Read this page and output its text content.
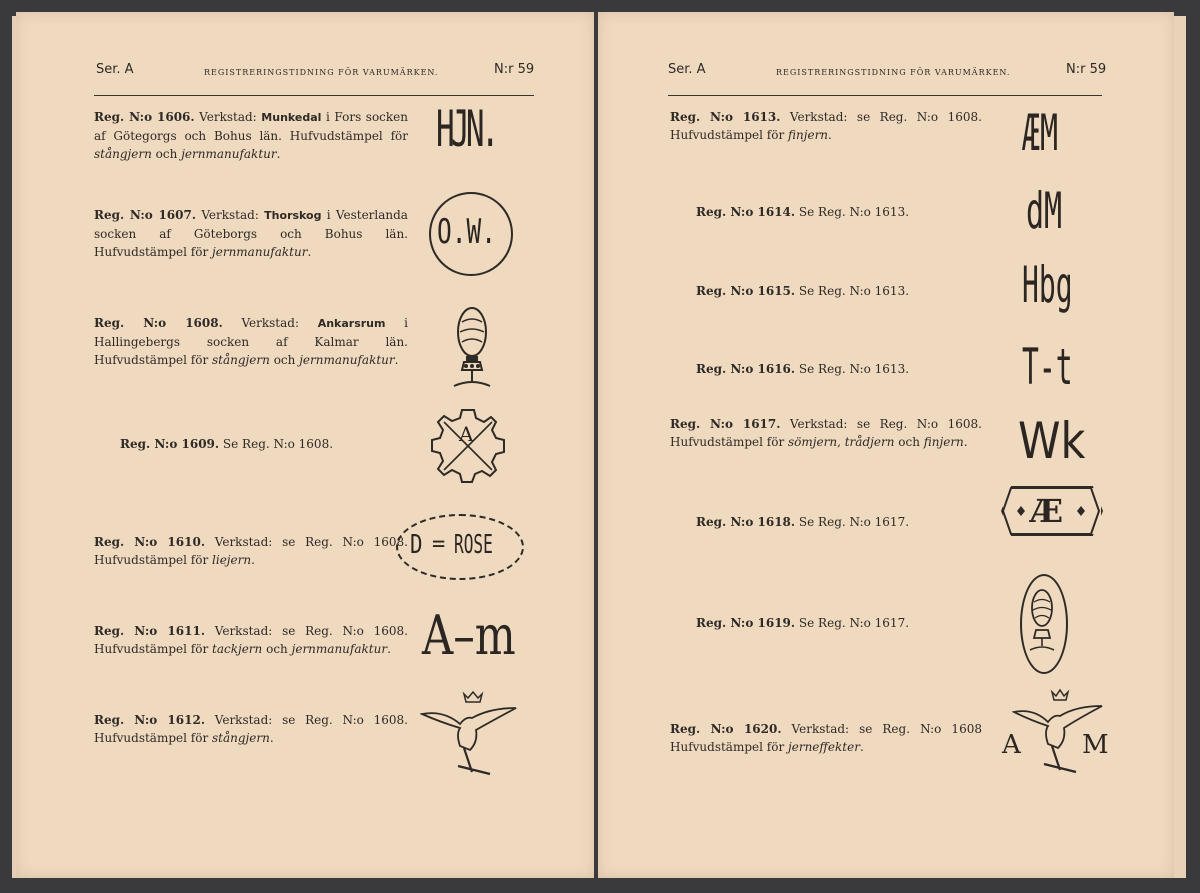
Ser. A	REGISTRERINGSTIDNING FÖR VARUMÄRKEN.	N:r 59
Reg. N:o 1606. Verkstad: Munkedal i Fors socken af Götegorgs och Bohus län. Hufvudstämpel för stångjern och jernmanufaktur.
Reg. N:o 1607. Verkstad: Thorskog i Vesterlanda socken af Göteborgs och Bohus län. Hufvudstämpel för jernmanufaktur.
Reg. N:o 1608. Verkstad: Ankarsrum i Hallingebergs socken af Kalmar län. Hufvudstämpel för stångjern och jernmanufaktur.
Reg. N:o 1609. Se Reg. N:o 1608.
Reg. N:o 1610. Verkstad: se Reg. N:o 1608. Hufvudstämpel för liejern.
Reg. N:o 1611. Verkstad: se Reg. N:o 1608. Hufvudstämpel för tackjern och jernmanufaktur.
Reg. N:o 1612. Verkstad: se Reg. N:o 1608. Hufvudstämpel för stångjern.
HJN.
O.W.
A
D = ROSE
A–m
Ser. A	REGISTRERINGSTIDNING FÖR VARUMÄRKEN.	N:r 59
Reg. N:o 1613. Verkstad: se Reg. N:o 1608. Hufvudstämpel för finjern.
Reg. N:o 1614. Se Reg. N:o 1613.
Reg. N:o 1615. Se Reg. N:o 1613.
Reg. N:o 1616. Se Reg. N:o 1613.
Reg. N:o 1617. Verkstad: se Reg. N:o 1608. Hufvudstämpel för sömjern, trådjern och finjern.
Reg. N:o 1618. Se Reg. N:o 1617.
Reg. N:o 1619. Se Reg. N:o 1617.
Reg. N:o 1620. Verkstad: se Reg. N:o 1608 Hufvudstämpel för jerneffekter.
ÆM
dM
Hbg
T-t
Wk
Æ
A M
